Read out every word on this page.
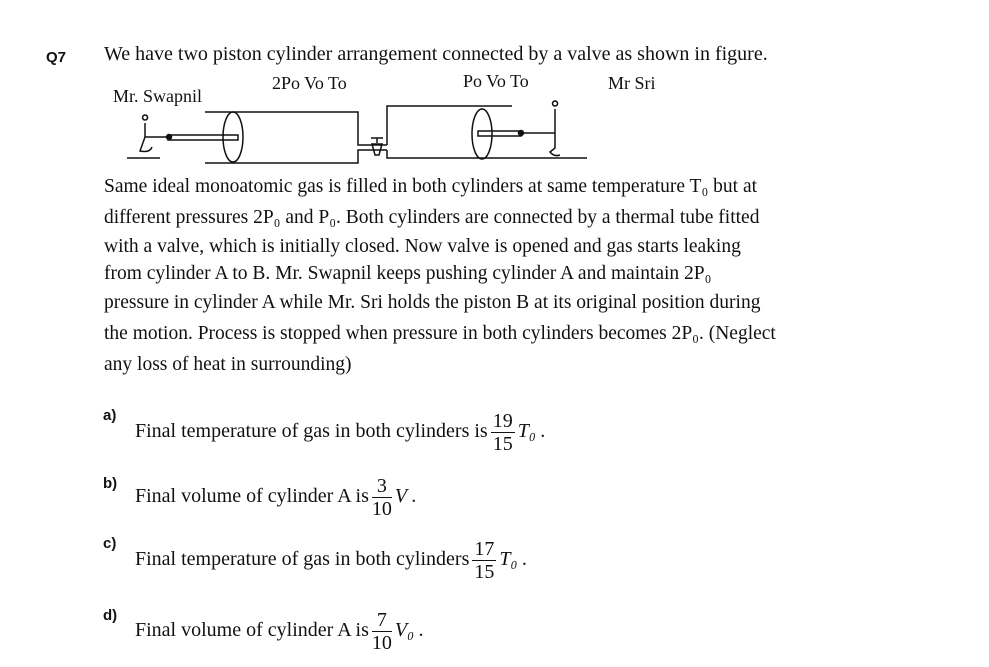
Q7 We have two piston cylinder arrangement connected by a valve as shown in figure.
Mr. Swapnil
2Po Vo To	Po Vo To	Mr Sri
Same ideal monoatomic gas is filled in both cylinders at same temperature T₀ but at
different pressures 2P₀ and P₀. Both cylinders are connected by a thermal tube fitted
with a valve, which is initially closed. Now valve is opened and gas starts leaking
from cylinder A to B. Mr. Swapnil keeps pushing cylinder A and maintain 2P₀
pressure in cylinder A while Mr. Sri holds the piston B at its original position during
the motion. Process is stopped when pressure in both cylinders becomes 2P₀. (Neglect
any loss of heat in surrounding)
a)
Final temperature of gas in both cylinders is $\frac{19}{15} T_0$ .
b)
Final volume of cylinder A is $\frac{3}{10}$ V .
c)
Final temperature of gas in both cylinders $\frac{17}{15} T_0$ .
d)
Final volume of cylinder A is $\frac{7}{10} V_0$ .
